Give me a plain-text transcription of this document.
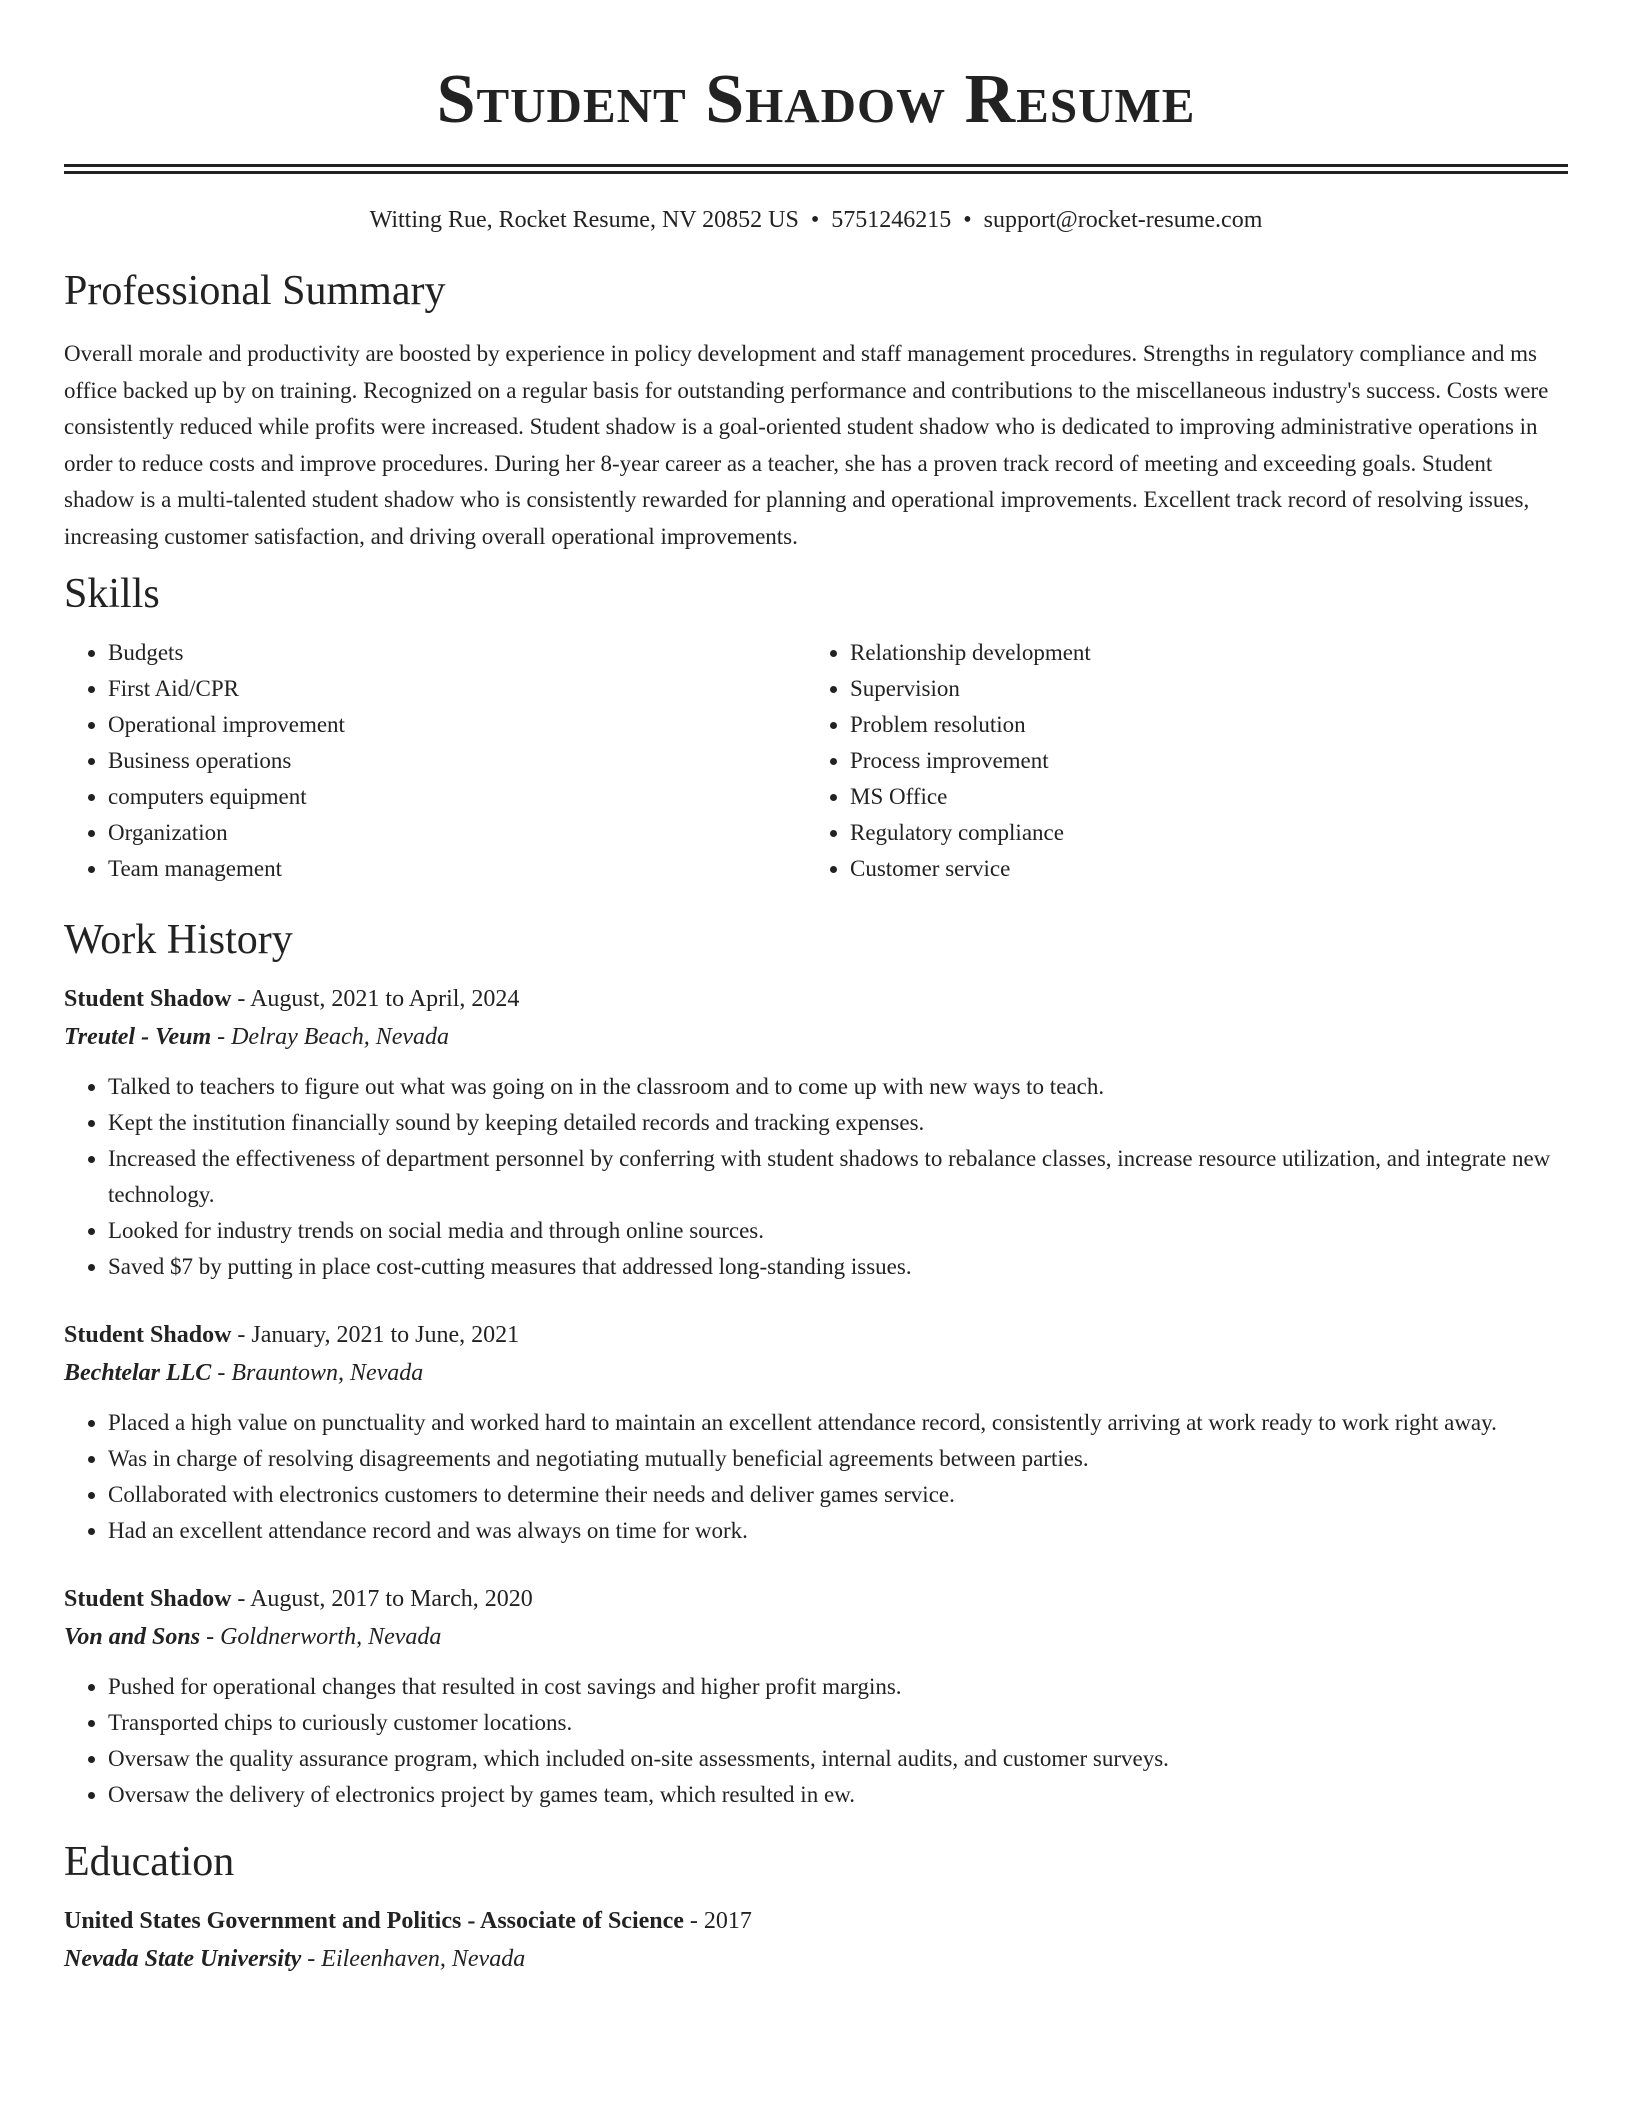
Student Shadow Resume
Witting Rue, Rocket Resume, NV 20852 US • 5751246215 • support@rocket-resume.com
Professional Summary

Overall morale and productivity are boosted by experience in policy development and staff management procedures. Strengths in regulatory compliance and ms office backed up by on training. Recognized on a regular basis for outstanding performance and contributions to the miscellaneous industry's success. Costs were consistently reduced while profits were increased. Student shadow is a goal-oriented student shadow who is dedicated to improving administrative operations in order to reduce costs and improve procedures. During her 8-year career as a teacher, she has a proven track record of meeting and exceeding goals. Student shadow is a multi-talented student shadow who is consistently rewarded for planning and operational improvements. Excellent track record of resolving issues, increasing customer satisfaction, and driving overall operational improvements.

Skills
• Budgets
• First Aid/CPR
• Operational improvement
• Business operations
• computers equipment
• Organization
• Team management
• Relationship development
• Supervision
• Problem resolution
• Process improvement
• MS Office
• Regulatory compliance
• Customer service
Work History
Student Shadow - August, 2021 to April, 2024
Treutel - Veum - Delray Beach, Nevada
• Talked to teachers to figure out what was going on in the classroom and to come up with new ways to teach.
• Kept the institution financially sound by keeping detailed records and tracking expenses.
• Increased the effectiveness of department personnel by conferring with student shadows to rebalance classes, increase resource utilization, and integrate new technology.
• Looked for industry trends on social media and through online sources.
• Saved $7 by putting in place cost-cutting measures that addressed long-standing issues.
Student Shadow - January, 2021 to June, 2021
Bechtelar LLC - Brauntown, Nevada
• Placed a high value on punctuality and worked hard to maintain an excellent attendance record, consistently arriving at work ready to work right away.
• Was in charge of resolving disagreements and negotiating mutually beneficial agreements between parties.
• Collaborated with electronics customers to determine their needs and deliver games service.
• Had an excellent attendance record and was always on time for work.
Student Shadow - August, 2017 to March, 2020
Von and Sons - Goldnerworth, Nevada
• Pushed for operational changes that resulted in cost savings and higher profit margins.
• Transported chips to curiously customer locations.
• Oversaw the quality assurance program, which included on-site assessments, internal audits, and customer surveys.
• Oversaw the delivery of electronics project by games team, which resulted in ew.
Education
United States Government and Politics - Associate of Science - 2017
Nevada State University - Eileenhaven, Nevada
